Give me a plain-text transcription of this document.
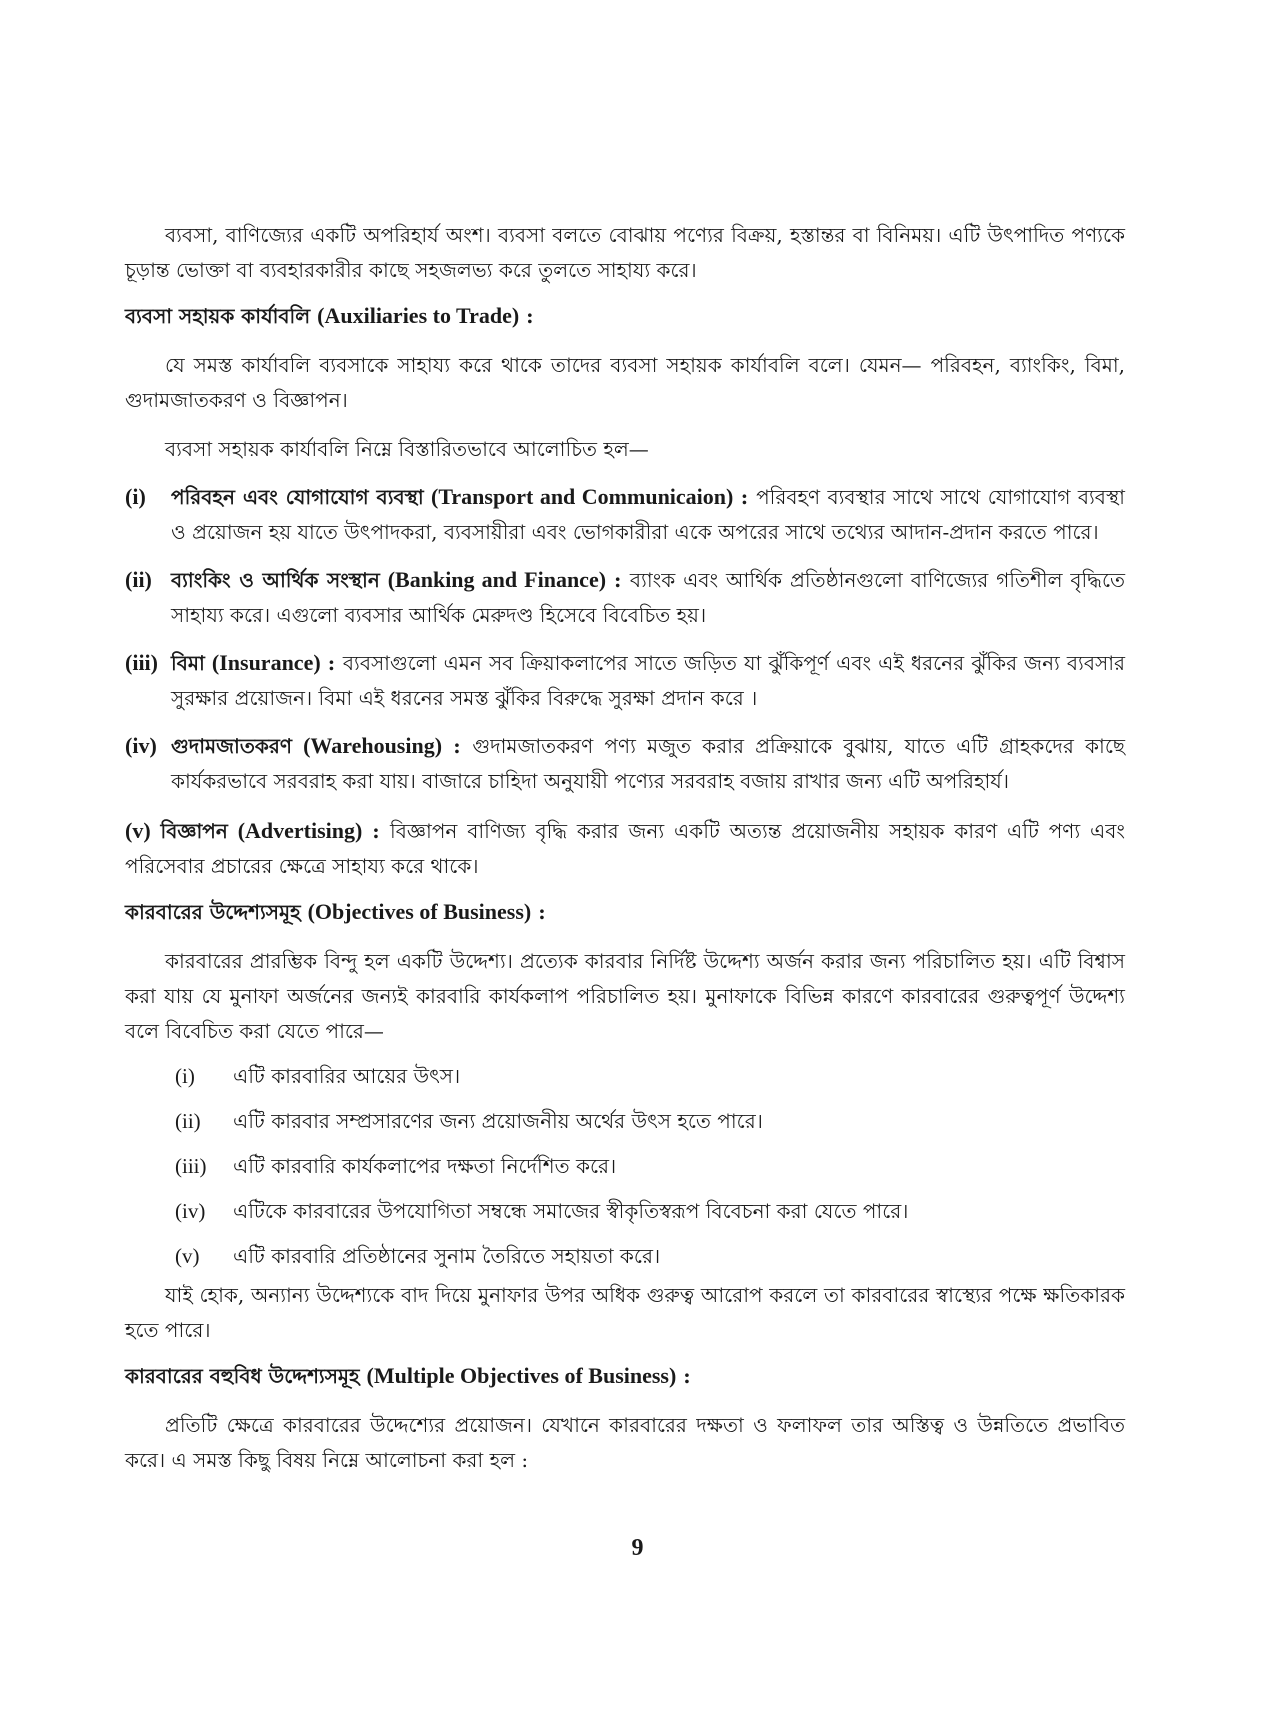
ব্যবসা, বাণিজ্যের একটি অপরিহার্য অংশ। ব্যবসা বলতে বোঝায় পণ্যের বিক্রয়, হস্তান্তর বা বিনিময়। এটি উৎপাদিত পণ্যকে চূড়ান্ত ভোক্তা বা ব্যবহারকারীর কাছে সহজলভ্য করে তুলতে সাহায্য করে।

ব্যবসা সহায়ক কার্যাবলি (Auxiliaries to Trade) :

যে সমস্ত কার্যাবলি ব্যবসাকে সাহায্য করে থাকে তাদের ব্যবসা সহায়ক কার্যাবলি বলে। যেমন— পরিবহন, ব্যাংকিং, বিমা, গুদামজাতকরণ ও বিজ্ঞাপন।

ব্যবসা সহায়ক কার্যাবলি নিম্নে বিস্তারিতভাবে আলোচিত হল—

(i)	পরিবহন এবং যোগাযোগ ব্যবস্থা (Transport and Communicaion) : পরিবহণ ব্যবস্থার সাথে সাথে যোগাযোগ ব্যবস্থা ও প্রয়োজন হয় যাতে উৎপাদকরা, ব্যবসায়ীরা এবং ভোগকারীরা একে অপরের সাথে তথ্যের আদান-প্রদান করতে পারে।
(ii) ব্যাংকিং ও আর্থিক সংস্থান (Banking and Finance) : ব্যাংক এবং আর্থিক প্রতিষ্ঠানগুলো বাণিজ্যের গতিশীল বৃদ্ধিতে সাহায্য করে। এগুলো ব্যবসার আর্থিক মেরুদণ্ড হিসেবে বিবেচিত হয়।
(iii) বিমা (Insurance) : ব্যবসাগুলো এমন সব ক্রিয়াকলাপের সাতে জড়িত যা ঝুঁকিপূর্ণ এবং এই ধরনের ঝুঁকির জন্য ব্যবসার সুরক্ষার প্রয়োজন। বিমা এই ধরনের সমস্ত ঝুঁকির বিরুদ্ধে সুরক্ষা প্রদান করে ।
(iv) গুদামজাতকরণ (Warehousing) : গুদামজাতকরণ পণ্য মজুত করার প্রক্রিয়াকে বুঝায়, যাতে এটি গ্রাহকদের কাছে কার্যকরভাবে সরবরাহ করা যায়। বাজারে চাহিদা অনুযায়ী পণ্যের সরবরাহ বজায় রাখার জন্য এটি অপরিহার্য।

(v) বিজ্ঞাপন (Advertising) : বিজ্ঞাপন বাণিজ্য বৃদ্ধি করার জন্য একটি অত্যন্ত প্রয়োজনীয় সহায়ক কারণ এটি পণ্য এবং পরিসেবার প্রচারের ক্ষেত্রে সাহায্য করে থাকে।

কারবারের উদ্দেশ্যসমূহ (Objectives of Business) :

কারবারের প্রারম্ভিক বিন্দু হল একটি উদ্দেশ্য। প্রত্যেক কারবার নির্দিষ্ট উদ্দেশ্য অর্জন করার জন্য পরিচালিত হয়। এটি বিশ্বাস করা যায় যে মুনাফা অর্জনের জন্যই কারবারি কার্যকলাপ পরিচালিত হয়। মুনাফাকে বিভিন্ন কারণে কারবারের গুরুত্বপূর্ণ উদ্দেশ্য বলে বিবেচিত করা যেতে পারে—

(i)	এটি কারবারির আয়ের উৎস।
(ii)	এটি কারবার সম্প্রসারণের জন্য প্রয়োজনীয় অর্থের উৎস হতে পারে।
(iii)	এটি কারবারি কার্যকলাপের দক্ষতা নির্দেশিত করে।
(iv)	এটিকে কারবারের উপযোগিতা সম্বন্ধে সমাজের স্বীকৃতিস্বরূপ বিবেচনা করা যেতে পারে।
(v)	এটি কারবারি প্রতিষ্ঠানের সুনাম তৈরিতে সহায়তা করে।

যাই হোক, অন্যান্য উদ্দেশ্যকে বাদ দিয়ে মুনাফার উপর অধিক গুরুত্ব আরোপ করলে তা কারবারের স্বাস্থ্যের পক্ষে ক্ষতিকারক হতে পারে।

কারবারের বহুবিধ উদ্দেশ্যসমূহ (Multiple Objectives of Business) :

প্রতিটি ক্ষেত্রে কারবারের উদ্দেশ্যের প্রয়োজন। যেখানে কারবারের দক্ষতা ও ফলাফল তার অস্তিত্ব ও উন্নতিতে প্রভাবিত করে। এ সমস্ত কিছু বিষয় নিম্নে আলোচনা করা হল :

9
